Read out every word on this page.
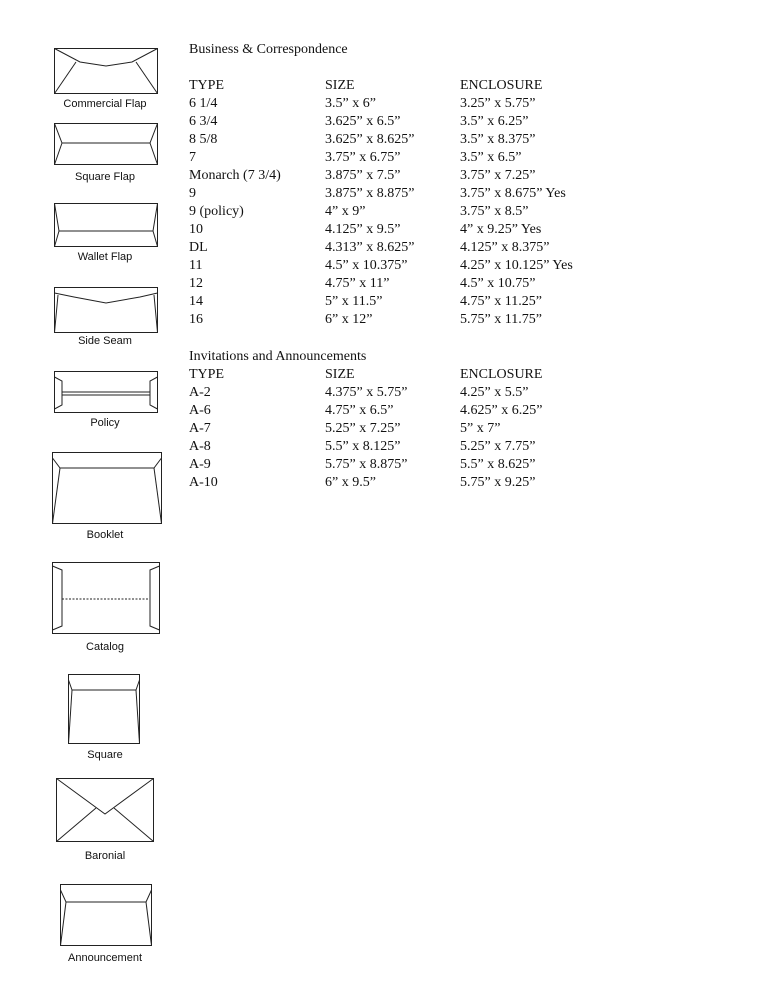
Commercial Flap
Square Flap
Wallet Flap
Side Seam
Policy
Booklet
Catalog
Square
Baronial
Announcement
Business & Correspondence
TYPE	SIZE	ENCLOSURE
6 1/4	3.5” x 6”	3.25” x 5.75”
6 3/4	3.625” x 6.5”	3.5” x 6.25”
8 5/8	3.625” x 8.625”	3.5” x 8.375”
7	3.75” x 6.75”	3.5” x 6.5”
Monarch (7 3/4)	3.875” x 7.5”	3.75” x 7.25”
9	3.875” x 8.875”	3.75” x 8.675” Yes
9 (policy)	4” x 9”	3.75” x 8.5”
10	4.125” x 9.5”	4” x 9.25” Yes
DL	4.313” x 8.625”	4.125” x 8.375”
11	4.5” x 10.375”	4.25” x 10.125” Yes
12	4.75” x 11”	4.5” x 10.75”
14	5” x 11.5”	4.75” x 11.25”
16	6” x 12”	5.75” x 11.75”
Invitations and Announcements
TYPE	SIZE	ENCLOSURE
A-2	4.375” x 5.75”	4.25” x 5.5”
A-6	4.75” x 6.5”	4.625” x 6.25”
A-7	5.25” x 7.25”	5” x 7”
A-8	5.5” x 8.125”	5.25” x 7.75”
A-9	5.75” x 8.875”	5.5” x 8.625”
A-10	6” x 9.5”	5.75” x 9.25”
